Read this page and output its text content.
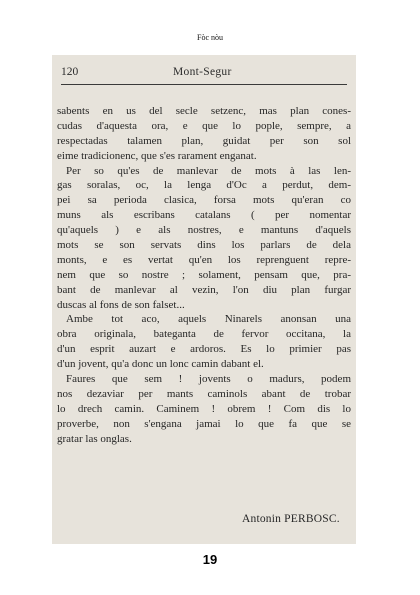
Fòc nòu
120	Mont-Segur
sabents en us del secle setzenc, mas plan cones-
cudas d'aquesta ora, e que lo pople, sempre, a
respectadas talamen plan, guidat per son sol
eime tradicionenc, que s'es rarament enganat.
Per so qu'es de manlevar de mots à las len-
gas soralas, oc, la lenga d'Oc a perdut, dem-
pei sa perioda clasica, forsa mots qu'eran co
muns als escribans catalans ( per nomentar
qu'aquels ) e als nostres, e mantuns d'aquels
mots se son servats dins los parlars de dela
monts, e es vertat qu'en los reprenguent repre-
nem que so nostre ; solament, pensam que, pra-
bant de manlevar al vezin, l'on diu plan furgar
duscas al fons de son falset...
Ambe tot aco, aquels Ninarels anonsan una
obra originala, bateganta de fervor occitana, la
d'un esprit auzart e ardoros. Es lo primier pas
d'un jovent, qu'a donc un lonc camin dabant el.
Faures que sem ! jovents o madurs, podem
nos dezaviar per mants caminols abant de trobar
lo drech camin. Caminem ! obrem ! Com dis lo
proverbe, non s'engana jamai lo que fa que se
gratar las onglas.
Antonin PERBOSC.
19
